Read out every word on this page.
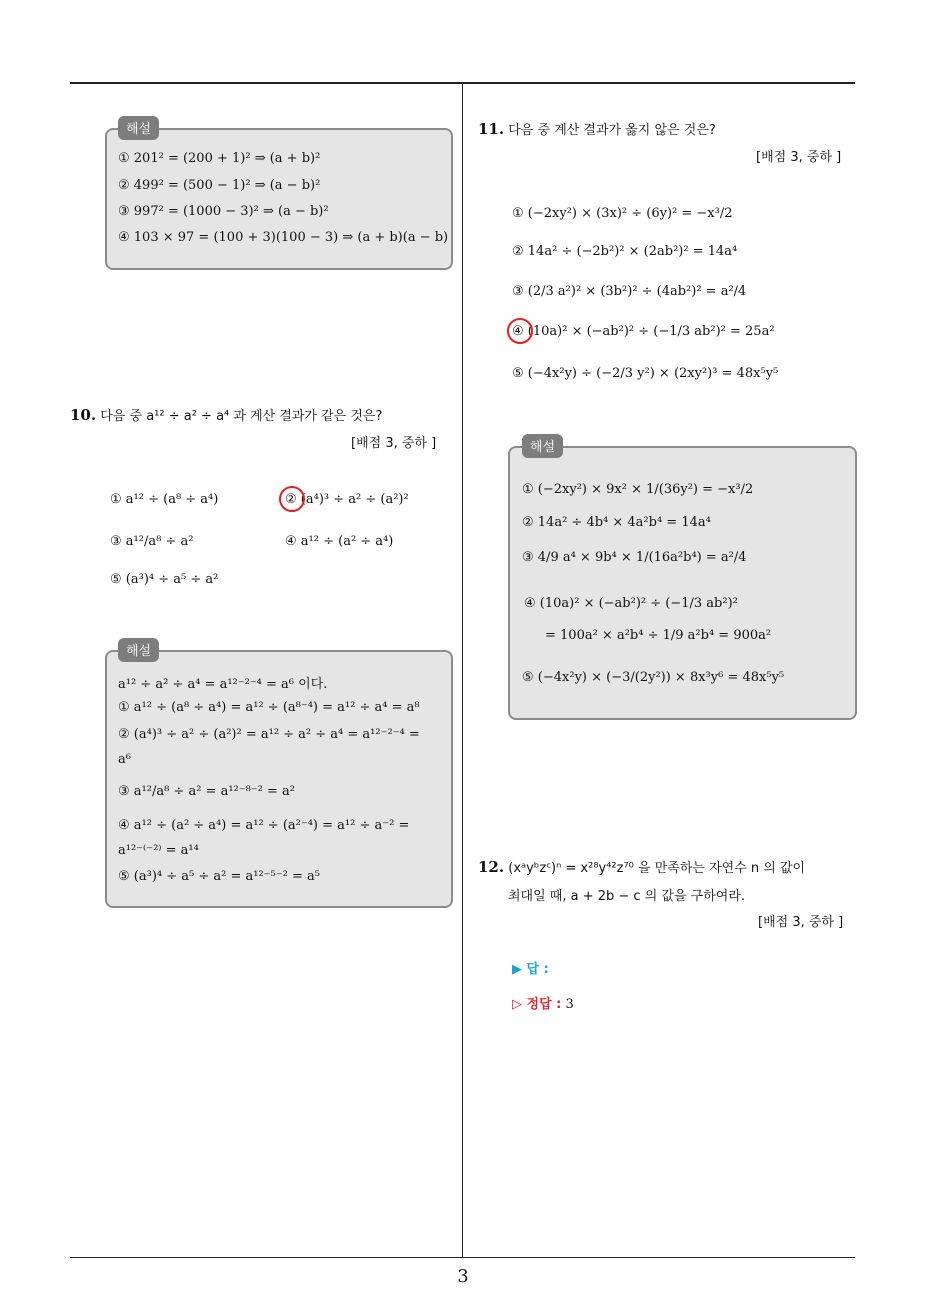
3
해설
① 201² = (200 + 1)² ⇒ (a + b)²
② 499² = (500 − 1)² ⇒ (a − b)²
③ 997² = (1000 − 3)² ⇒ (a − b)²
④ 103 × 97 = (100 + 3)(100 − 3) ⇒ (a + b)(a − b)
10. 다음 중 a¹² ÷ a² ÷ a⁴ 과 계산 결과가 같은 것은?
[배점 3, 중하 ]
① a¹² ÷ (a⁸ ÷ a⁴)	② (a⁴)³ ÷ a² ÷ (a²)²
③ a¹²/a⁸ ÷ a²	④ a¹² ÷ (a² ÷ a⁴)
⑤ (a³)⁴ ÷ a⁵ ÷ a²
해설
a¹² ÷ a² ÷ a⁴ = a¹²⁻²⁻⁴ = a⁶ 이다.
① a¹² ÷ (a⁸ ÷ a⁴) = a¹² ÷ (a⁸⁻⁴) = a¹² ÷ a⁴ = a⁸
② (a⁴)³ ÷ a² ÷ (a²)² = a¹² ÷ a² ÷ a⁴ = a¹²⁻²⁻⁴ =
a⁶
③ a¹²/a⁸ ÷ a² = a¹²⁻⁸⁻² = a²
④ a¹² ÷ (a² ÷ a⁴) = a¹² ÷ (a²⁻⁴) = a¹² ÷ a⁻² =
a¹²⁻⁽⁻²⁾ = a¹⁴
⑤ (a³)⁴ ÷ a⁵ ÷ a² = a¹²⁻⁵⁻² = a⁵
11. 다음 중 계산 결과가 옳지 않은 것은?
[배점 3, 중하 ]
① (−2xy²) × (3x)² ÷ (6y)² = −x³/2
② 14a² ÷ (−2b²)² × (2ab²)² = 14a⁴
③ (2/3 a²)² × (3b²)² ÷ (4ab²)² = a²/4
④ (10a)² × (−ab²)² ÷ (−1/3 ab²)² = 25a²
⑤ (−4x²y) ÷ (−2/3 y²) × (2xy²)³ = 48x⁵y⁵
해설
① (−2xy²) × 9x² × 1/(36y²) = −x³/2
② 14a² ÷ 4b⁴ × 4a²b⁴ = 14a⁴
③ 4/9 a⁴ × 9b⁴ × 1/(16a²b⁴) = a²/4
④ (10a)² × (−ab²)² ÷ (−1/3 ab²)²
= 100a² × a²b⁴ ÷ 1/9 a²b⁴ = 900a²
⑤ (−4x²y) × (−3/(2y²)) × 8x³y⁶ = 48x⁵y⁵
12. (xᵃyᵇzᶜ)ⁿ = x²⁸y⁴²z⁷⁰ 을 만족하는 자연수 n 의 값이
최대일 때, a + 2b − c 의 값을 구하여라.
[배점 3, 중하 ]
▶ 답 :
▷ 정답 : 3
